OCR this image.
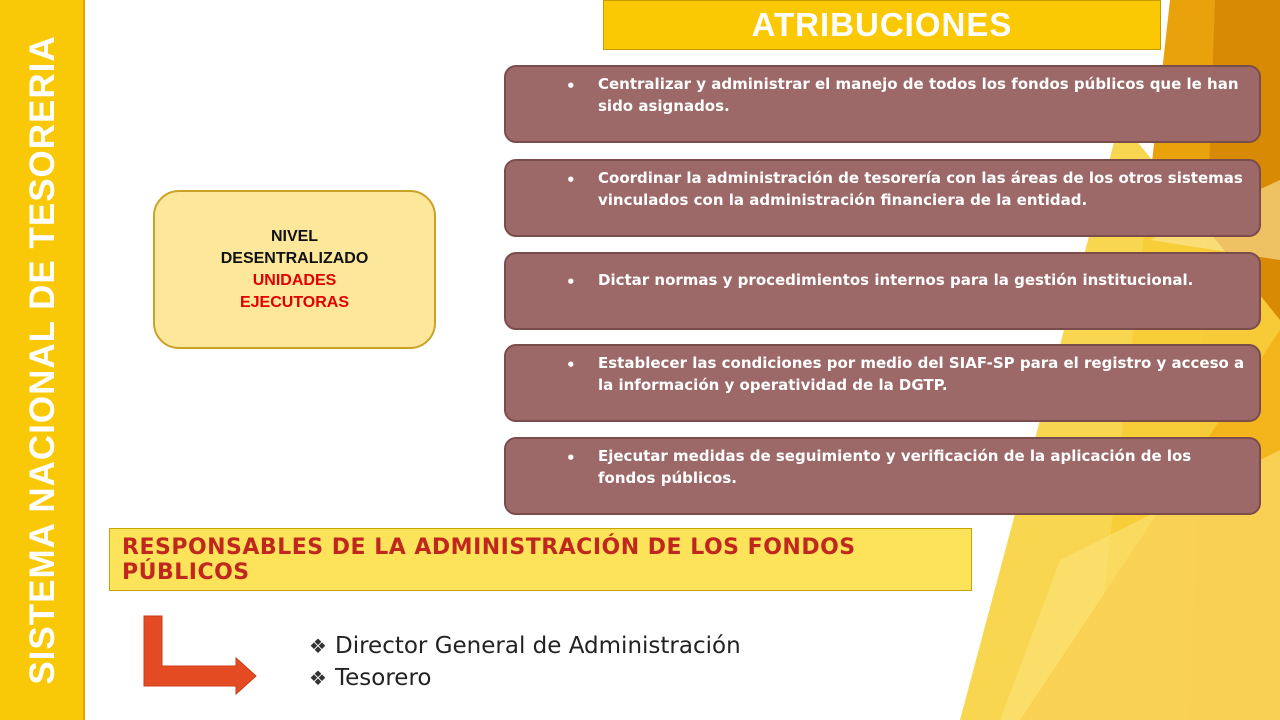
SISTEMA NACIONAL DE TESORERIA
ATRIBUCIONES
NIVEL
DESENTRALIZADO
UNIDADES
EJECUTORAS
• Centralizar y administrar el manejo de todos los fondos públicos que le han sido asignados.
• Coordinar la administración de tesorería con las áreas de los otros sistemas vinculados con la administración financiera de la entidad.
• Dictar normas y procedimientos internos para la gestión institucional.
• Establecer las condiciones por medio del SIAF-SP para el registro y acceso a la información y operatividad de la DGTP.
• Ejecutar medidas de seguimiento y verificación de la aplicación de los fondos públicos.
RESPONSABLES DE LA ADMINISTRACIÓN DE LOS FONDOS PÚBLICOS
❖ Director General de Administración
❖ Tesorero
